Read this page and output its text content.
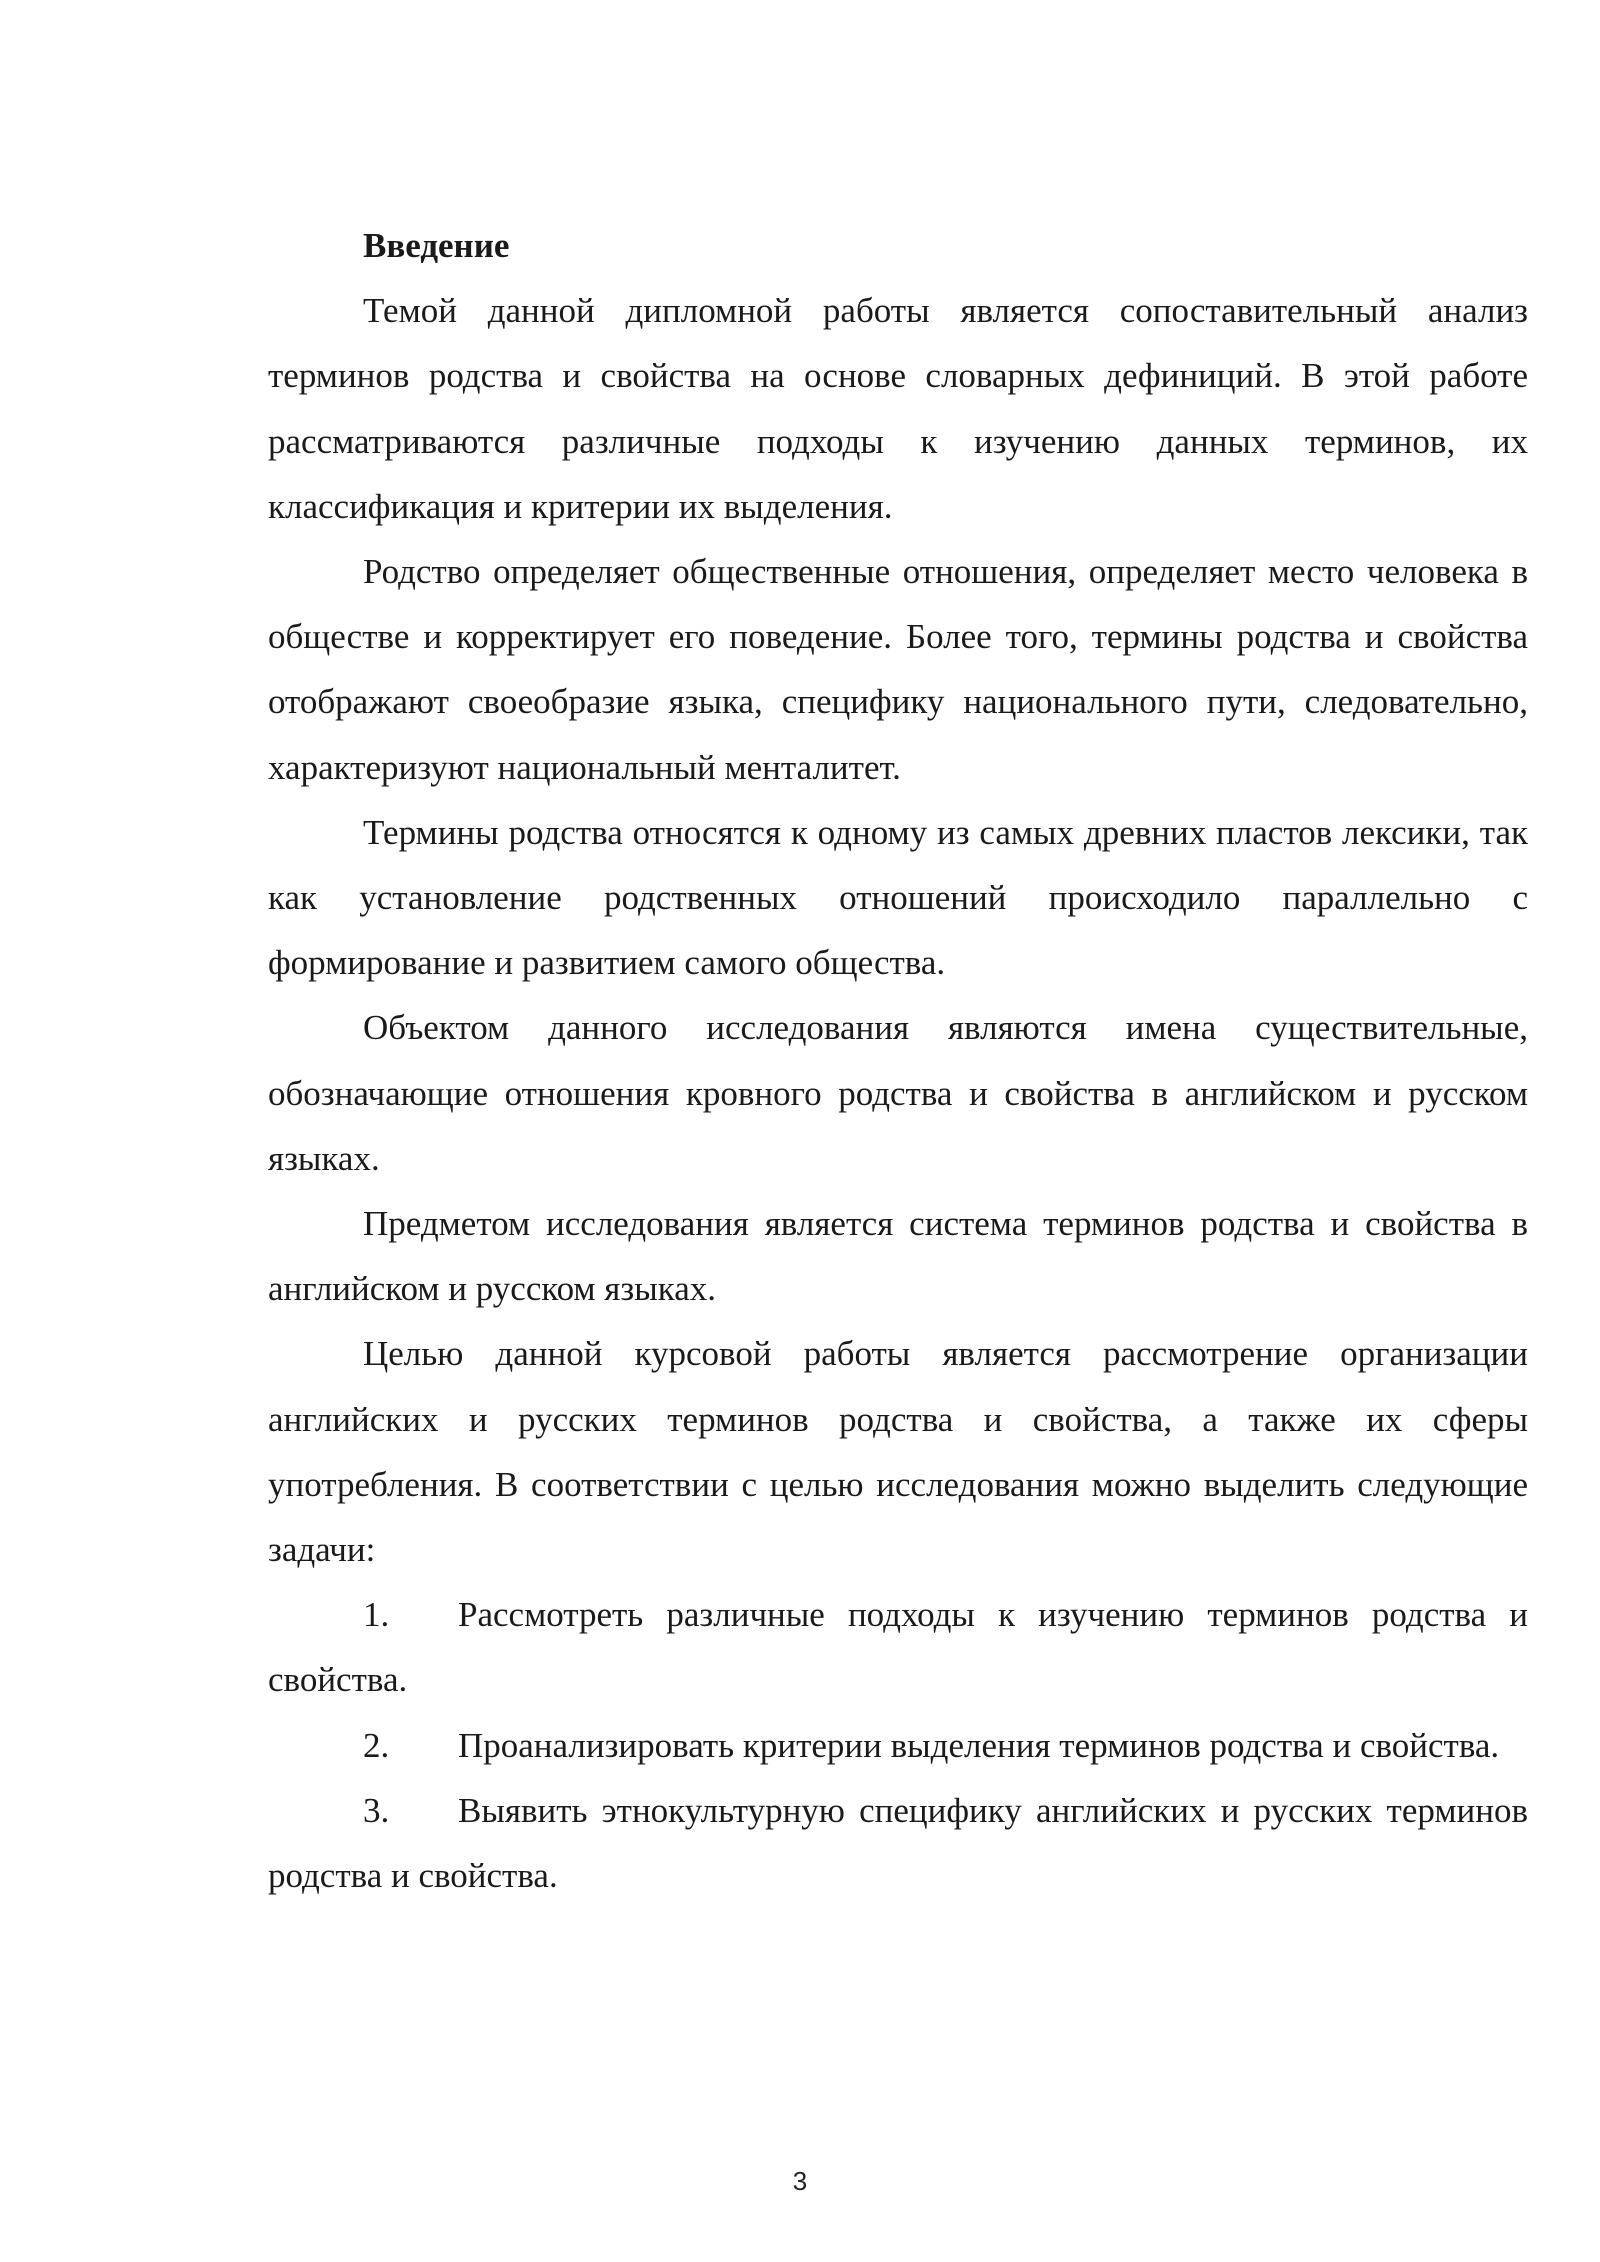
Введение

Темой данной дипломной работы является сопоставительный анализ терминов родства и свойства на основе словарных дефиниций. В этой работе рассматриваются различные подходы к изучению данных терминов, их классификация и критерии их выделения.

Родство определяет общественные отношения, определяет место человека в обществе и корректирует его поведение. Более того, термины родства и свойства отображают своеобразие языка, специфику национального пути, следовательно, характеризуют национальный менталитет.

Термины родства относятся к одному из самых древних пластов лексики, так как установление родственных отношений происходило параллельно с формирование и развитием самого общества.

Объектом данного исследования являются имена существительные, обозначающие отношения кровного родства и свойства в английском и русском языках.

Предметом исследования является система терминов родства и свойства в английском и русском языках.

Целью данной курсовой работы является рассмотрение организации английских и русских терминов родства и свойства, а также их сферы употребления. В соответствии с целью исследования можно выделить следующие задачи:

1. Рассмотреть различные подходы к изучению терминов родства и свойства.

2. Проанализировать критерии выделения терминов родства и свойства.

3. Выявить этнокультурную специфику английских и русских терминов родства и свойства.

3
